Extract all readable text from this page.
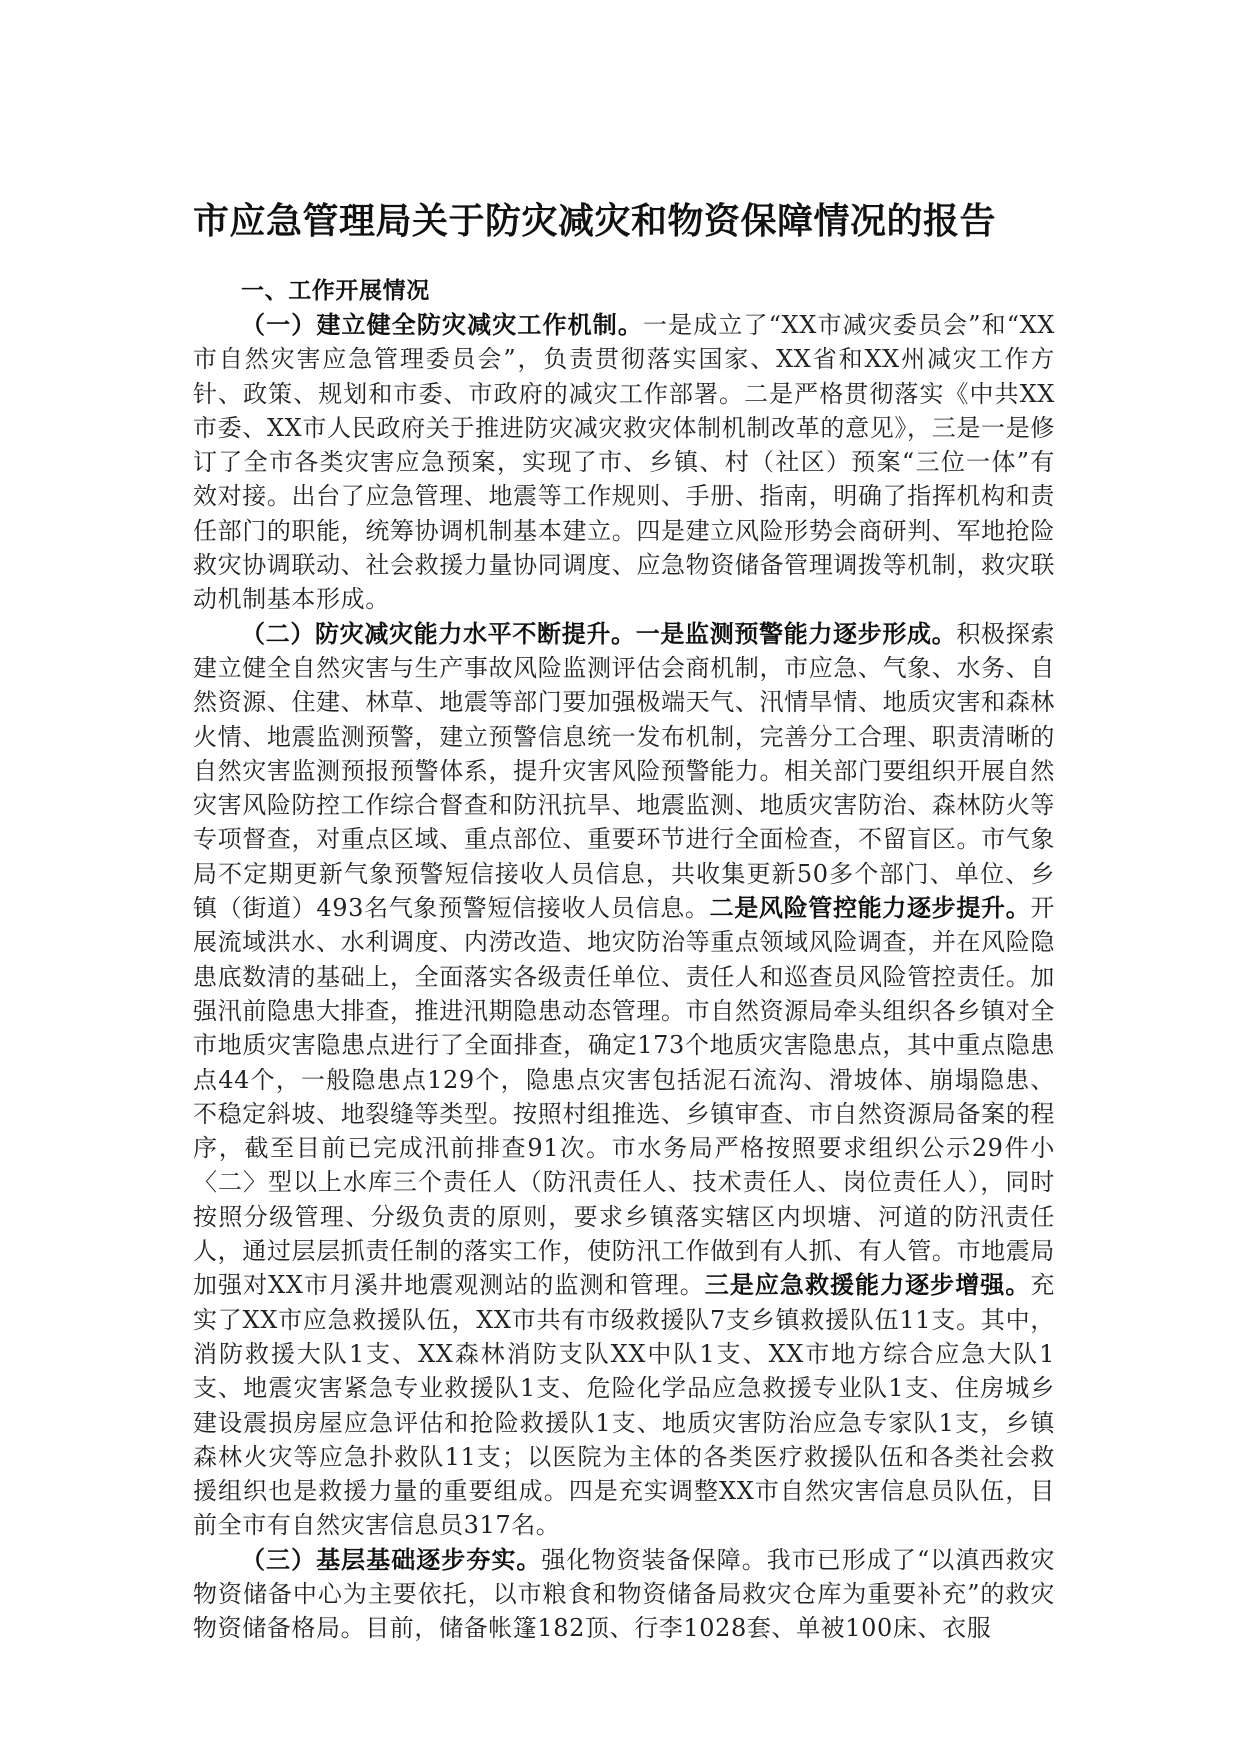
市应急管理局关于防灾减灾和物资保障情况的报告

一、工作开展情况

（一）建立健全防灾减灾工作机制。一是成立了“XX市减灾委员会”和“XX市自然灾害应急管理委员会”，负责贯彻落实国家、XX省和XX州减灾工作方针、政策、规划和市委、市政府的减灾工作部署。二是严格贯彻落实《中共XX市委、XX市人民政府关于推进防灾减灾救灾体制机制改革的意见》，三是一是修订了全市各类灾害应急预案，实现了市、乡镇、村（社区）预案“三位一体”有效对接。出台了应急管理、地震等工作规则、手册、指南，明确了指挥机构和责任部门的职能，统筹协调机制基本建立。四是建立风险形势会商研判、军地抢险救灾协调联动、社会救援力量协同调度、应急物资储备管理调拨等机制，救灾联动机制基本形成。

（二）防灾减灾能力水平不断提升。一是监测预警能力逐步形成。积极探索建立健全自然灾害与生产事故风险监测评估会商机制，市应急、气象、水务、自然资源、住建、林草、地震等部门要加强极端天气、汛情旱情、地质灾害和森林火情、地震监测预警，建立预警信息统一发布机制，完善分工合理、职责清晰的自然灾害监测预报预警体系，提升灾害风险预警能力。相关部门要组织开展自然灾害风险防控工作综合督查和防汛抗旱、地震监测、地质灾害防治、森林防火等专项督查，对重点区域、重点部位、重要环节进行全面检查，不留盲区。市气象局不定期更新气象预警短信接收人员信息，共收集更新50多个部门、单位、乡镇（街道）493名气象预警短信接收人员信息。二是风险管控能力逐步提升。开展流域洪水、水利调度、内涝改造、地灾防治等重点领域风险调查，并在风险隐患底数清的基础上，全面落实各级责任单位、责任人和巡查员风险管控责任。加强汛前隐患大排查，推进汛期隐患动态管理。市自然资源局牵头组织各乡镇对全市地质灾害隐患点进行了全面排查，确定173个地质灾害隐患点，其中重点隐患点44个，一般隐患点129个，隐患点灾害包括泥石流沟、滑坡体、崩塌隐患、不稳定斜坡、地裂缝等类型。按照村组推选、乡镇审查、市自然资源局备案的程序，截至目前已完成汛前排查91次。市水务局严格按照要求组织公示29件小〈二〉型以上水库三个责任人（防汛责任人、技术责任人、岗位责任人），同时按照分级管理、分级负责的原则，要求乡镇落实辖区内坝塘、河道的防汛责任人，通过层层抓责任制的落实工作，使防汛工作做到有人抓、有人管。市地震局加强对XX市月溪井地震观测站的监测和管理。三是应急救援能力逐步增强。充实了XX市应急救援队伍，XX市共有市级救援队7支乡镇救援队伍11支。其中，消防救援大队1支、XX森林消防支队XX中队1支、XX市地方综合应急大队1支、地震灾害紧急专业救援队1支、危险化学品应急救援专业队1支、住房城乡建设震损房屋应急评估和抢险救援队1支、地质灾害防治应急专家队1支，乡镇森林火灾等应急扑救队11支；以医院为主体的各类医疗救援队伍和各类社会救援组织也是救援力量的重要组成。四是充实调整XX市自然灾害信息员队伍，目前全市有自然灾害信息员317名。

（三）基层基础逐步夯实。强化物资装备保障。我市已形成了“以滇西救灾物资储备中心为主要依托，以市粮食和物资储备局救灾仓库为重要补充”的救灾物资储备格局。目前，储备帐篷182顶、行李1028套、单被100床、衣服
